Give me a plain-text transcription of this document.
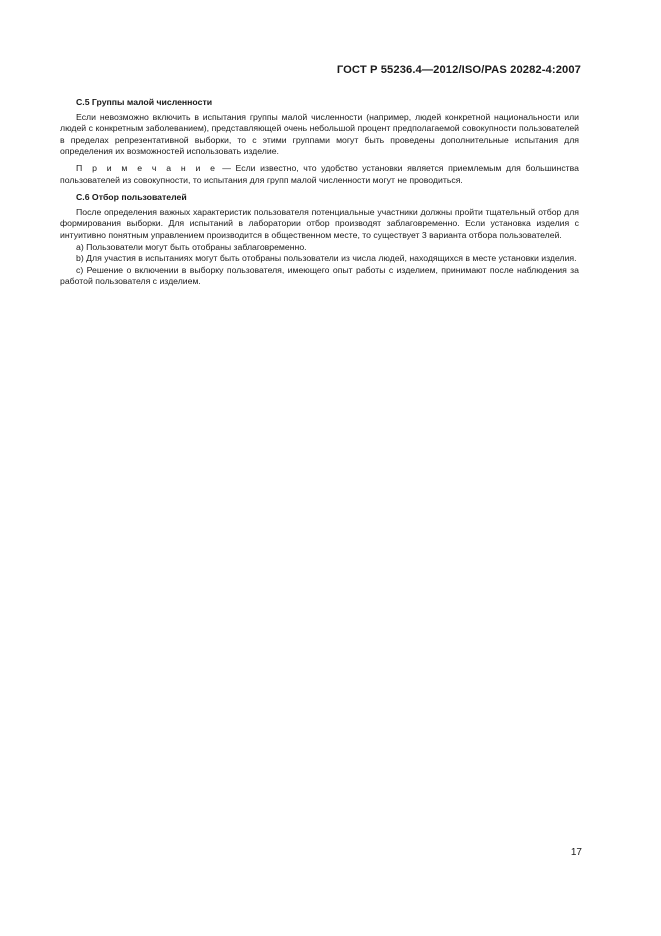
ГОСТ Р 55236.4—2012/ISO/PAS 20282-4:2007
С.5 Группы малой численности

Если невозможно включить в испытания группы малой численности (например, людей конкретной национальности или людей с конкретным заболеванием), представляющей очень небольшой процент предполагаемой совокупности пользователей в пределах репрезентативной выборки, то с этими группами могут быть проведены дополнительные испытания для определения их возможностей использовать изделие.

П р и м е ч а н и е — Если известно, что удобство установки является приемлемым для большинства пользователей из совокупности, то испытания для групп малой численности могут не проводиться.

С.6 Отбор пользователей

После определения важных характеристик пользователя потенциальные участники должны пройти тщательный отбор для формирования выборки. Для испытаний в лаборатории отбор производят заблаговременно. Если установка изделия с интуитивно понятным управлением производится в общественном месте, то существует 3 варианта отбора пользователей.

а) Пользователи могут быть отобраны заблаговременно.

b) Для участия в испытаниях могут быть отобраны пользователи из числа людей, находящихся в месте установки изделия.

c) Решение о включении в выборку пользователя, имеющего опыт работы с изделием, принимают после наблюдения за работой пользователя с изделием.

17
